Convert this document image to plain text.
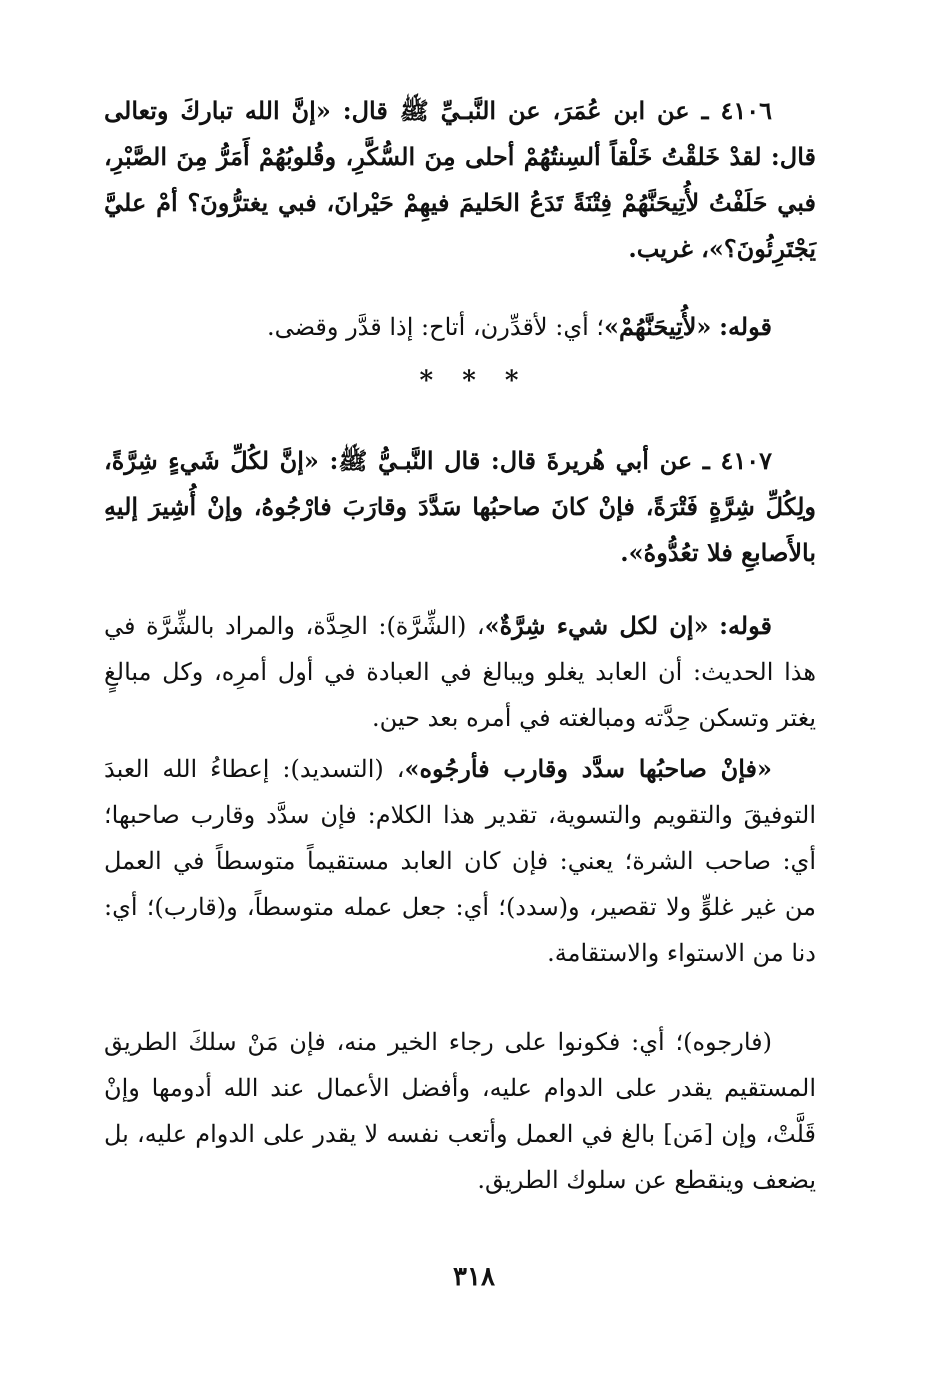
٤١٠٦ ـ عن ابن عُمَرَ، عن النَّبـيِّ ﷺ قال: «إنَّ الله تباركَ وتعالى قال: لقدْ خَلقْتُ خَلْقاً ألسِنتُهُمْ أحلى مِنَ السُّكَّرِ، وقُلوبُهُمْ أَمَرُّ مِنَ الصَّبْرِ، فبي حَلَفْتُ لأُتِيحَنَّهُمْ فِتْنَةً تَدَعُ الحَليمَ فيهِمْ حَيْرانَ، فبي يغترُّونَ؟ أمْ عليَّ يَجْتَرِئُونَ؟»، غريب.

قوله: «لأُتِيحَنَّهُمْ»؛ أي: لأقدِّرن، أتاح: إذا قدَّر وقضى.

* * *

٤١٠٧ ـ عن أبي هُريرةَ قال: قال النَّبـيُّ ﷺ: «إنَّ لكُلِّ شَيءٍ شِرَّةً، ولِكُلِّ شِرَّةٍ فَتْرَةً، فإنْ كانَ صاحبُها سَدَّدَ وقارَبَ فارْجُوهُ، وإنْ أُشِيرَ إليهِ بالأَصابعِ فلا تعُدُّوهُ».

قوله: «إن لكل شيء شِرَّةٌ»، (الشِّرَّة): الحِدَّة، والمراد بالشِّرَّة في هذا الحديث: أن العابد يغلو ويبالغ في العبادة في أول أمرِه، وكل مبالغٍ يغتر وتسكن حِدَّته ومبالغته في أمره بعد حين.

«فإنْ صاحبُها سدَّد وقارب فأرجُوه»، (التسديد): إعطاءُ الله العبدَ التوفيقَ والتقويم والتسوية، تقدير هذا الكلام: فإن سدَّد وقارب صاحبها؛ أي: صاحب الشرة؛ يعني: فإن كان العابد مستقيماً متوسطاً في العمل من غير غلوٍّ ولا تقصير، و(سدد)؛ أي: جعل عمله متوسطاً، و(قارب)؛ أي: دنا من الاستواء والاستقامة.

(فارجوه)؛ أي: فكونوا على رجاء الخير منه، فإن مَنْ سلكَ الطريق المستقيم يقدر على الدوام عليه، وأفضل الأعمال عند الله أدومها وإنْ قَلَّتْ، وإن [مَن] بالغ في العمل وأتعب نفسه لا يقدر على الدوام عليه، بل يضعف وينقطع عن سلوك الطريق.

٣١٨
